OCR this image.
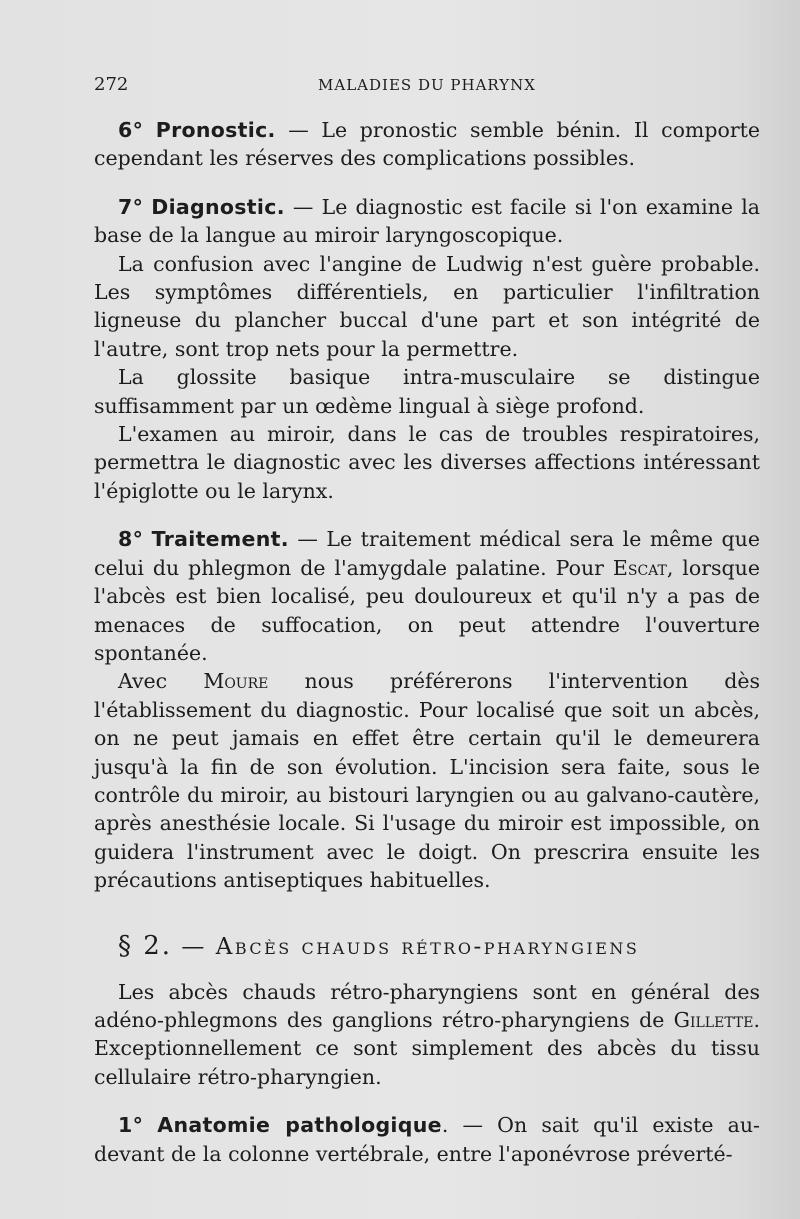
272	MALADIES DU PHARYNX

6° Pronostic. — Le pronostic semble bénin. Il comporte cependant les réserves des complications possibles.

7° Diagnostic. — Le diagnostic est facile si l'on examine la base de la langue au miroir laryngoscopique.

La confusion avec l'angine de Ludwig n'est guère probable. Les symptômes différentiels, en particulier l'infiltration ligneuse du plancher buccal d'une part et son intégrité de l'autre, sont trop nets pour la permettre.

La glossite basique intra-musculaire se distingue suffisamment par un œdème lingual à siège profond.

L'examen au miroir, dans le cas de troubles respiratoires, permettra le diagnostic avec les diverses affections intéressant l'épiglotte ou le larynx.

8° Traitement. — Le traitement médical sera le même que celui du phlegmon de l'amygdale palatine. Pour Escat, lorsque l'abcès est bien localisé, peu douloureux et qu'il n'y a pas de menaces de suffocation, on peut attendre l'ouverture spontanée.

Avec Moure nous préférerons l'intervention dès l'établissement du diagnostic. Pour localisé que soit un abcès, on ne peut jamais en effet être certain qu'il le demeurera jusqu'à la fin de son évolution. L'incision sera faite, sous le contrôle du miroir, au bistouri laryngien ou au galvano-cautère, après anesthésie locale. Si l'usage du miroir est impossible, on guidera l'instrument avec le doigt. On prescrira ensuite les précautions antiseptiques habituelles.

§ 2. — Abcès chauds rétro-pharyngiens

Les abcès chauds rétro-pharyngiens sont en général des adéno-phlegmons des ganglions rétro-pharyngiens de Gillette. Exceptionnellement ce sont simplement des abcès du tissu cellulaire rétro-pharyngien.

1° Anatomie pathologique. — On sait qu'il existe au-devant de la colonne vertébrale, entre l'aponévrose préverté-
